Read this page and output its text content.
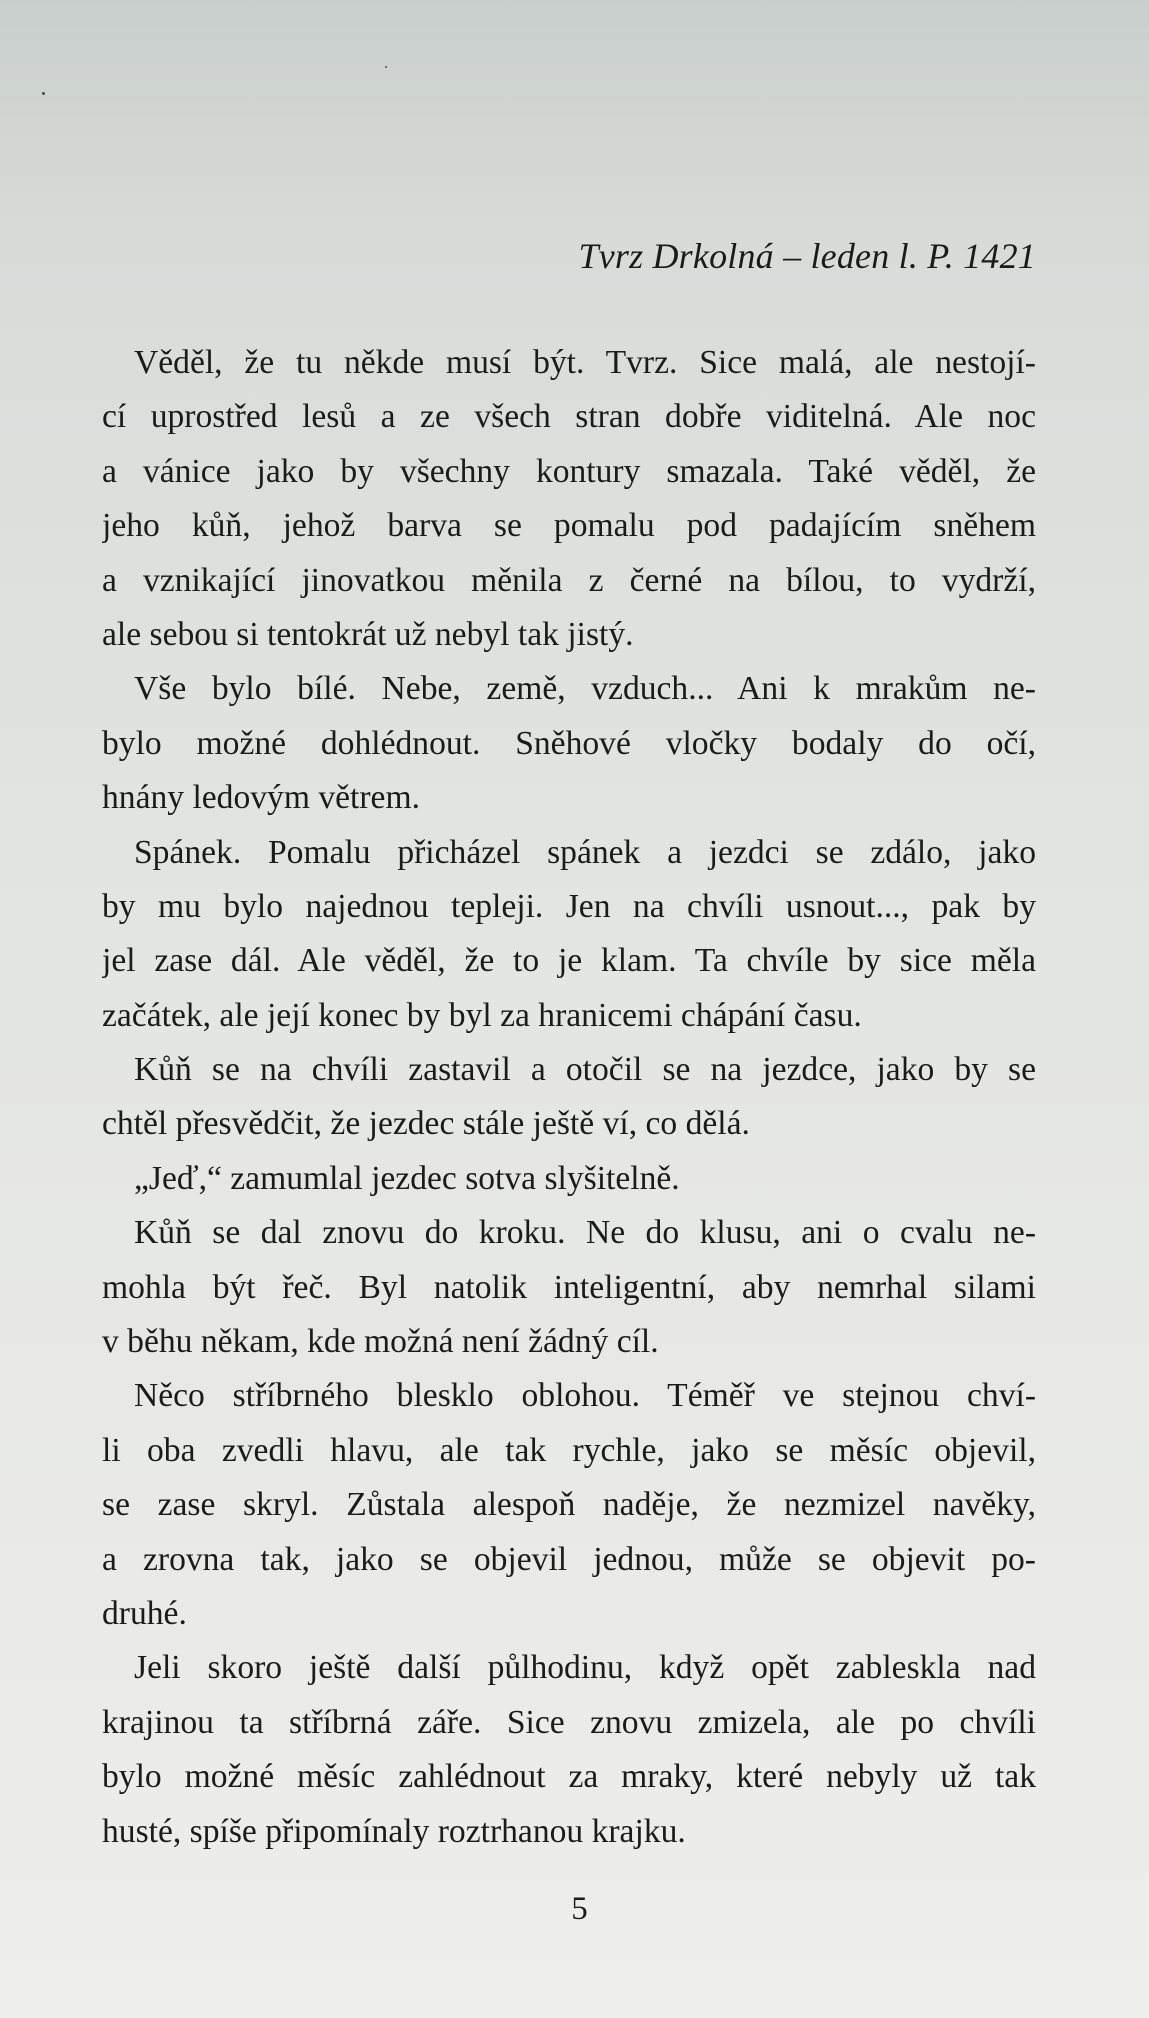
Tvrz Drkolná – leden l. P. 1421
Věděl, že tu někde musí být. Tvrz. Sice malá, ale nestojí-
cí uprostřed lesů a ze všech stran dobře viditelná. Ale noc
a vánice jako by všechny kontury smazala. Také věděl, že
jeho kůň, jehož barva se pomalu pod padajícím sněhem
a vznikající jinovatkou měnila z černé na bílou, to vydrží,
ale sebou si tentokrát už nebyl tak jistý.
Vše bylo bílé. Nebe, země, vzduch... Ani k mrakům ne-
bylo možné dohlédnout. Sněhové vločky bodaly do očí,
hnány ledovým větrem.
Spánek. Pomalu přicházel spánek a jezdci se zdálo, jako
by mu bylo najednou tepleji. Jen na chvíli usnout..., pak by
jel zase dál. Ale věděl, že to je klam. Ta chvíle by sice měla
začátek, ale její konec by byl za hranicemi chápání času.
Kůň se na chvíli zastavil a otočil se na jezdce, jako by se
chtěl přesvědčit, že jezdec stále ještě ví, co dělá.
„Jeď,“ zamumlal jezdec sotva slyšitelně.
Kůň se dal znovu do kroku. Ne do klusu, ani o cvalu ne-
mohla být řeč. Byl natolik inteligentní, aby nemrhal silami
v běhu někam, kde možná není žádný cíl.
Něco stříbrného blesklo oblohou. Téměř ve stejnou chví-
li oba zvedli hlavu, ale tak rychle, jako se měsíc objevil,
se zase skryl. Zůstala alespoň naděje, že nezmizel navěky,
a zrovna tak, jako se objevil jednou, může se objevit po-
druhé.
Jeli skoro ještě další půlhodinu, když opět zableskla nad
krajinou ta stříbrná záře. Sice znovu zmizela, ale po chvíli
bylo možné měsíc zahlédnout za mraky, které nebyly už tak
husté, spíše připomínaly roztrhanou krajku.
5
